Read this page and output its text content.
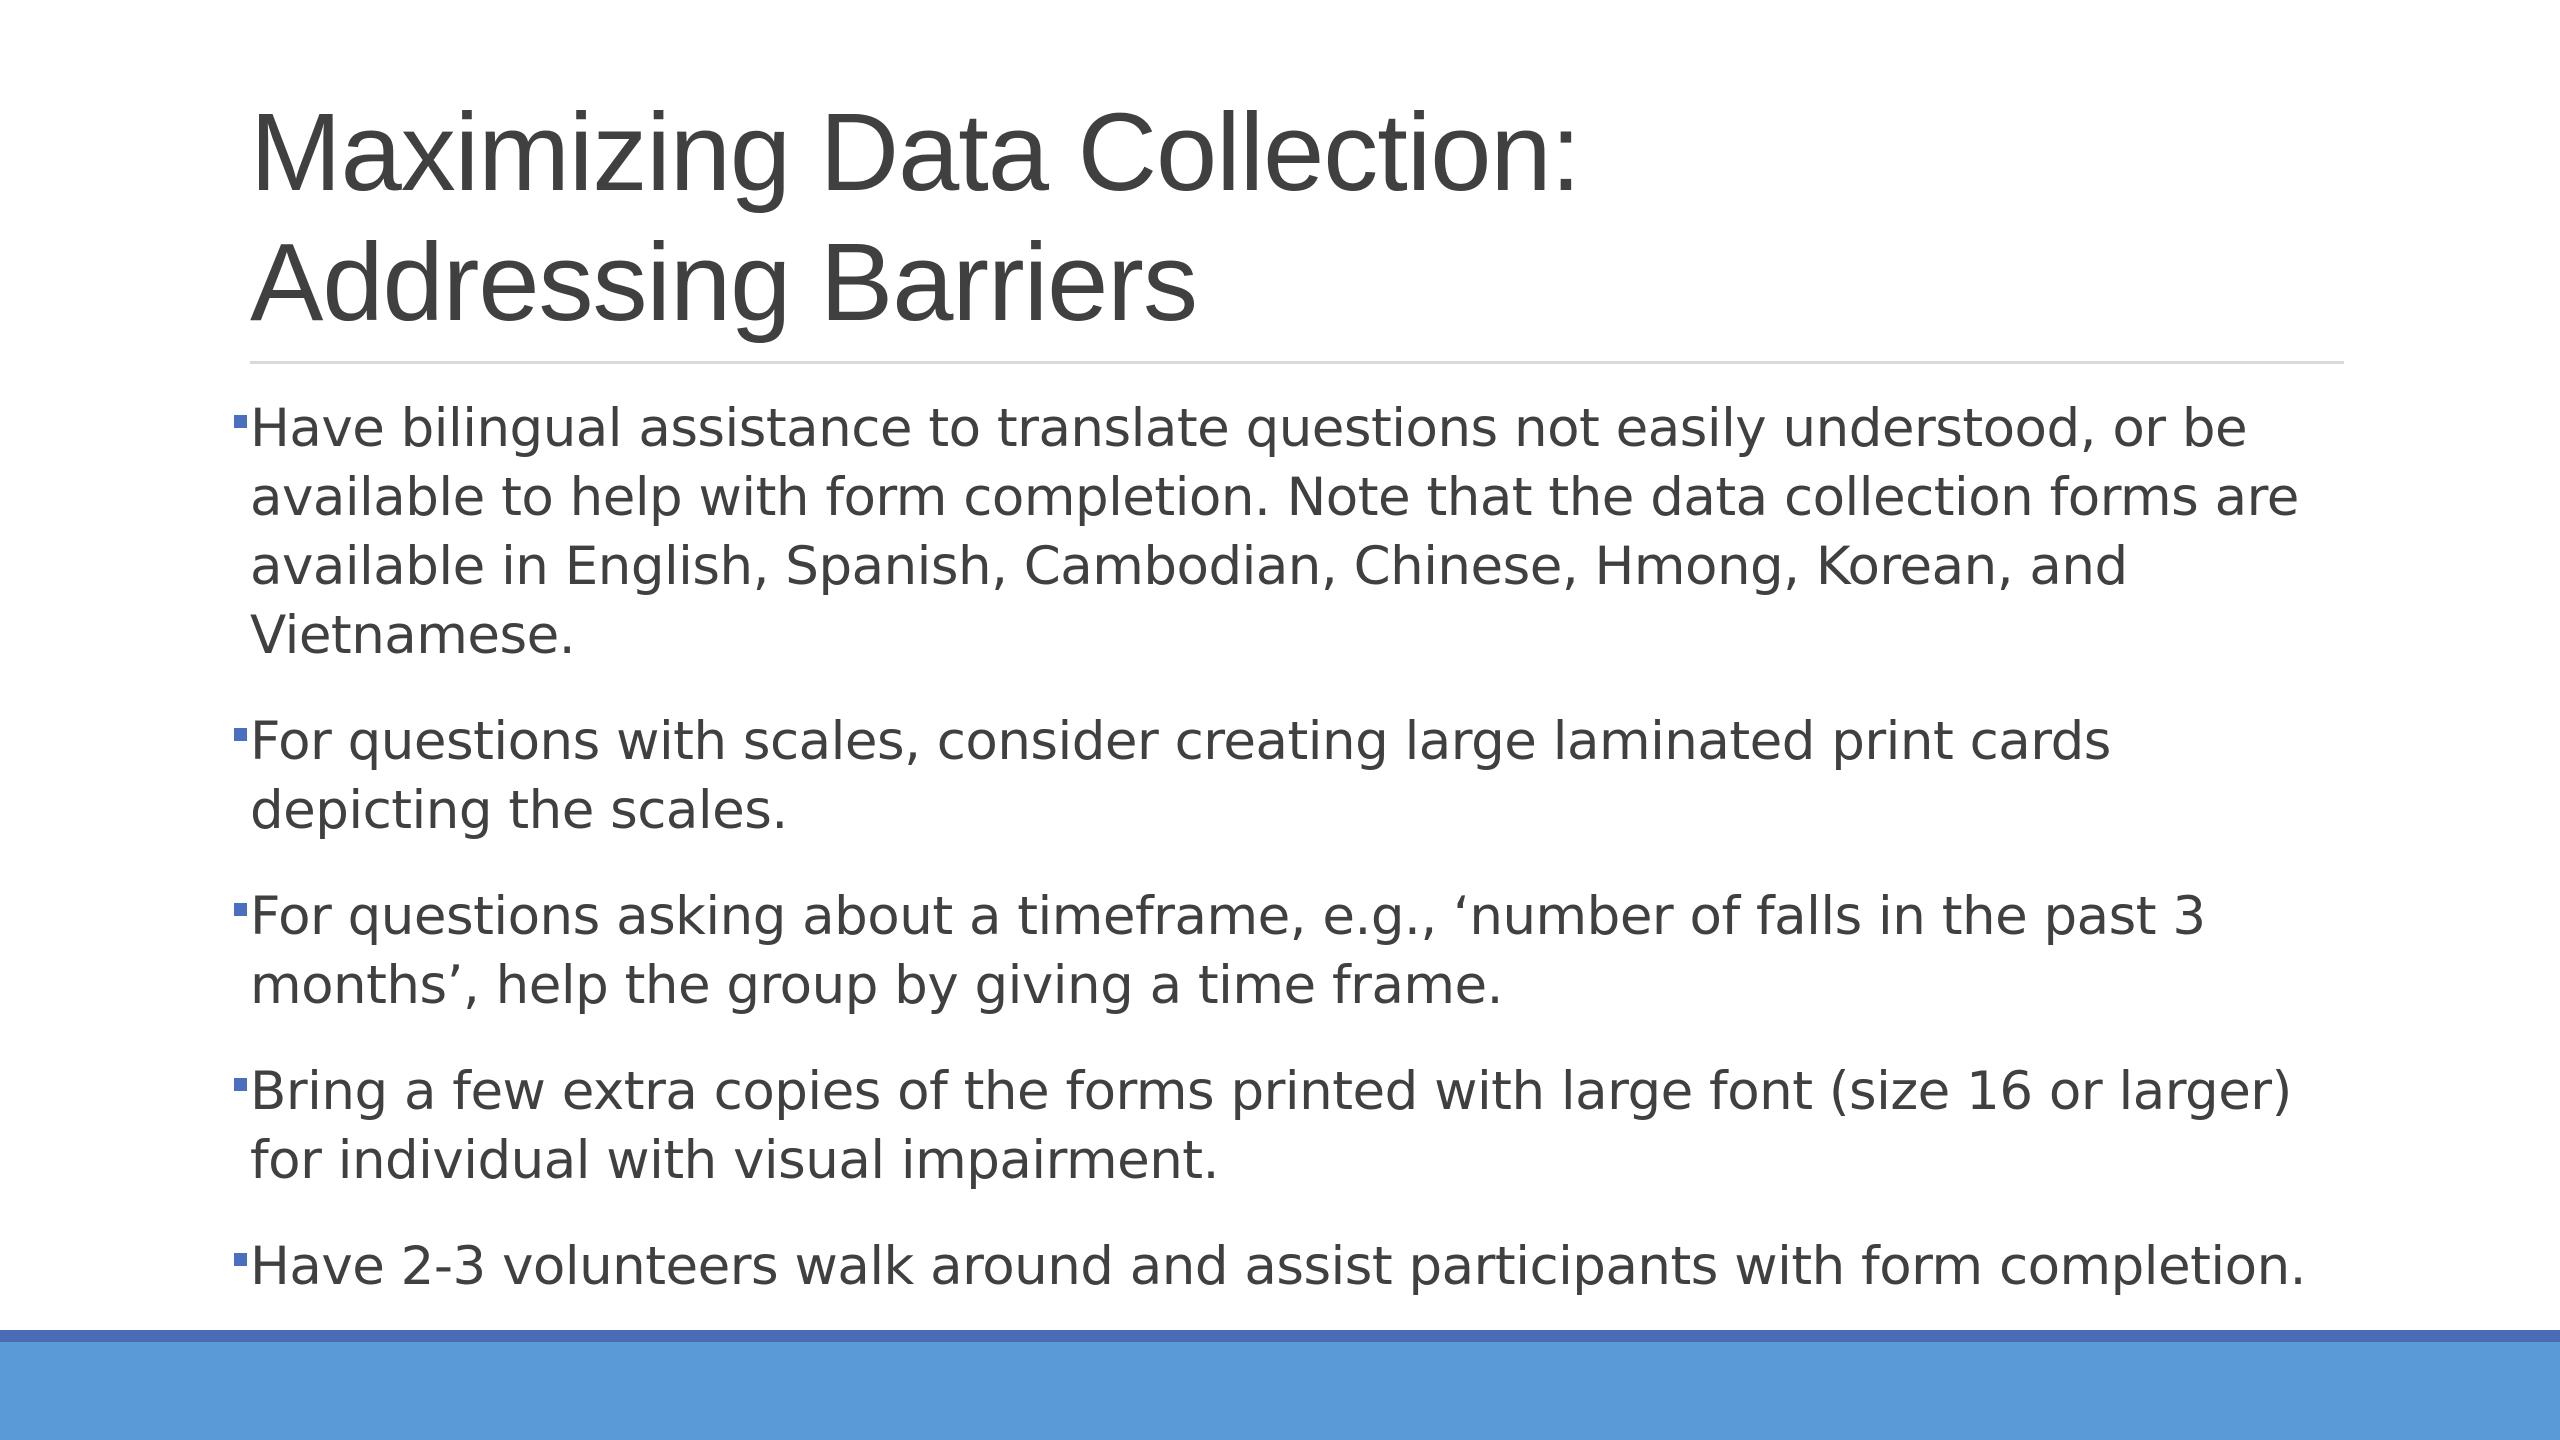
Maximizing Data Collection:
Addressing Barriers
Have bilingual assistance to translate questions not easily understood, or be available to help with form completion. Note that the data collection forms are available in English, Spanish, Cambodian, Chinese, Hmong, Korean, and Vietnamese.
For questions with scales, consider creating large laminated print cards depicting the scales.
For questions asking about a timeframe, e.g., ‘number of falls in the past 3 months’, help the group by giving a time frame.
Bring a few extra copies of the forms printed with large font (size 16 or larger) for individual with visual impairment.
Have 2-3 volunteers walk around and assist participants with form completion.
